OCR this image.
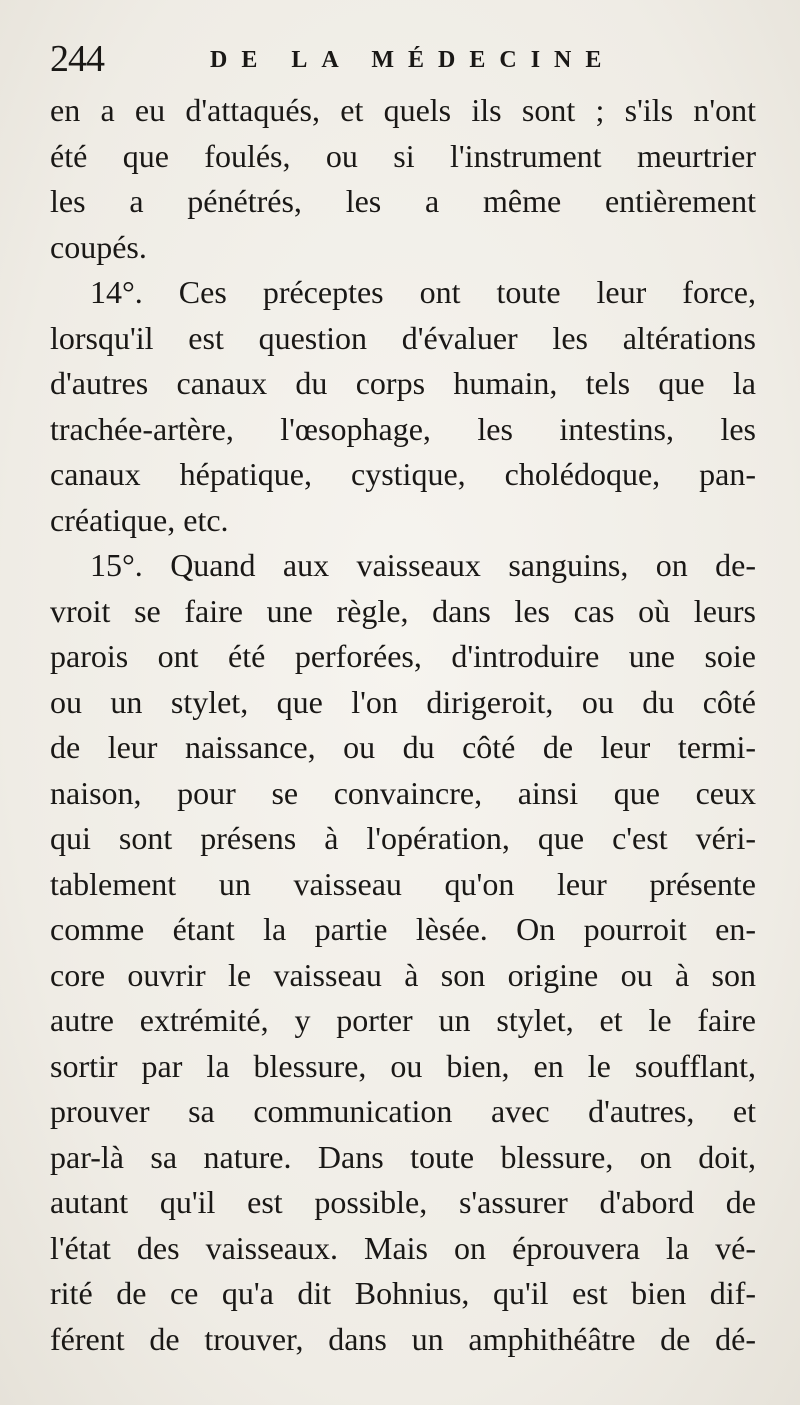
244	DE LA MÉDECINE
en a eu d'attaqués, et quels ils sont ; s'ils n'ont
été que foulés, ou si l'instrument meurtrier
les a pénétrés, les a même entièrement
coupés.
14°. Ces préceptes ont toute leur force,
lorsqu'il est question d'évaluer les altérations
d'autres canaux du corps humain, tels que la
trachée-artère, l'œsophage, les intestins, les
canaux hépatique, cystique, cholédoque, pan-
créatique, etc.
15°. Quand aux vaisseaux sanguins, on de-
vroit se faire une règle, dans les cas où leurs
parois ont été perforées, d'introduire une soie
ou un stylet, que l'on dirigeroit, ou du côté
de leur naissance, ou du côté de leur termi-
naison, pour se convaincre, ainsi que ceux
qui sont présens à l'opération, que c'est véri-
tablement un vaisseau qu'on leur présente
comme étant la partie lèsée. On pourroit en-
core ouvrir le vaisseau à son origine ou à son
autre extrémité, y porter un stylet, et le faire
sortir par la blessure, ou bien, en le soufflant,
prouver sa communication avec d'autres, et
par-là sa nature. Dans toute blessure, on doit,
autant qu'il est possible, s'assurer d'abord de
l'état des vaisseaux. Mais on éprouvera la vé-
rité de ce qu'a dit Bohnius, qu'il est bien dif-
férent de trouver, dans un amphithéâtre de dé-
